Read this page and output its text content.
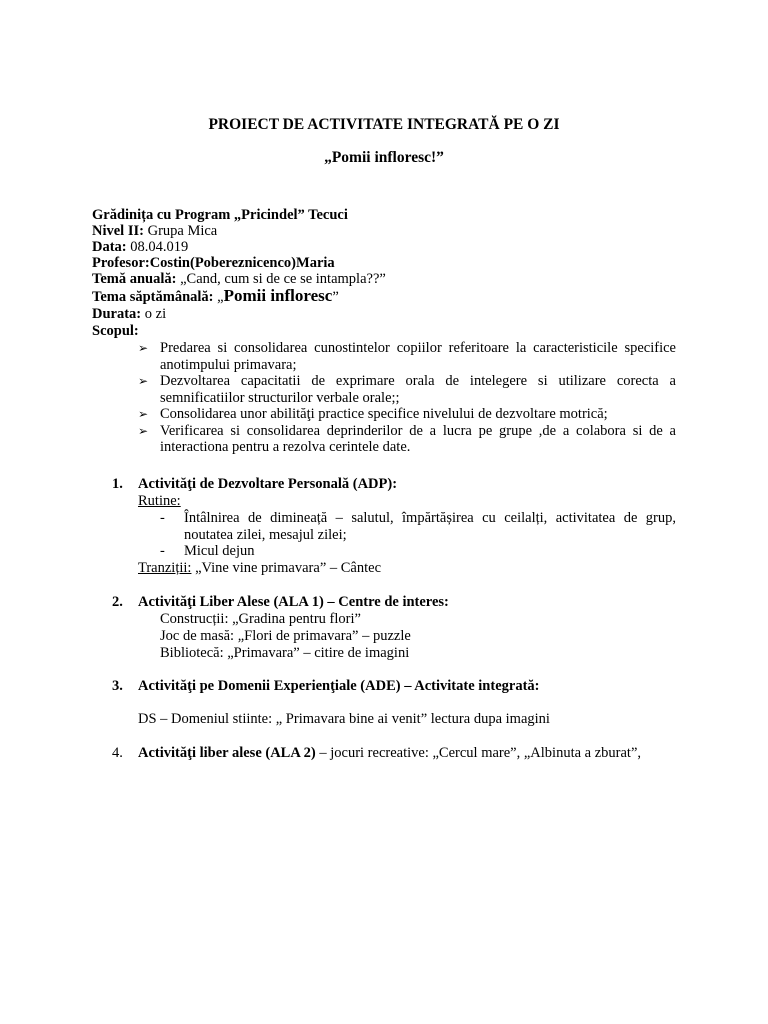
PROIECT DE ACTIVITATE INTEGRATĂ PE O ZI
„Pomii infloresc!”
Grădinița cu Program „Pricindel” Tecuci
Nivel II: Grupa Mica
Data: 08.04.019
Profesor:Costin(Pobereznicenco)Maria
Temă anuală: „Cand, cum si de ce se intampla??”
Tema săptămânală: „Pomii infloresc”
Durata: o zi
Scopul:
➢ Predarea si consolidarea cunostintelor copiilor referitoare la caracteristicile specifice anotimpului primavara;
➢ Dezvoltarea capacitatii de exprimare orala de intelegere si utilizare corecta a semnificatiilor structurilor verbale orale;;
➢ Consolidarea unor abilităţi practice specifice nivelului de dezvoltare motrică;
➢ Verificarea si consolidarea deprinderilor de a lucra pe grupe ,de a colabora si de a interactiona pentru a rezolva cerintele date.
1. Activităţi de Dezvoltare Personală (ADP):
Rutine:
- Întâlnirea de dimineață – salutul, împărtășirea cu ceilalți, activitatea de grup, noutatea zilei, mesajul zilei;
- Micul dejun
Tranziții: „Vine vine primavara” – Cântec
2. Activităţi Liber Alese (ALA 1) – Centre de interes:
Construcții: „Gradina pentru flori”
Joc de masă: „Flori de primavara” – puzzle
Bibliotecă: „Primavara” – citire de imagini
3. Activităţi pe Domenii Experienţiale (ADE) – Activitate integrată:
DS – Domeniul stiinte: „ Primavara bine ai venit” lectura dupa imagini
4. Activităţi liber alese (ALA 2) – jocuri recreative: „Cercul mare”, „Albinuta a zburat”,
